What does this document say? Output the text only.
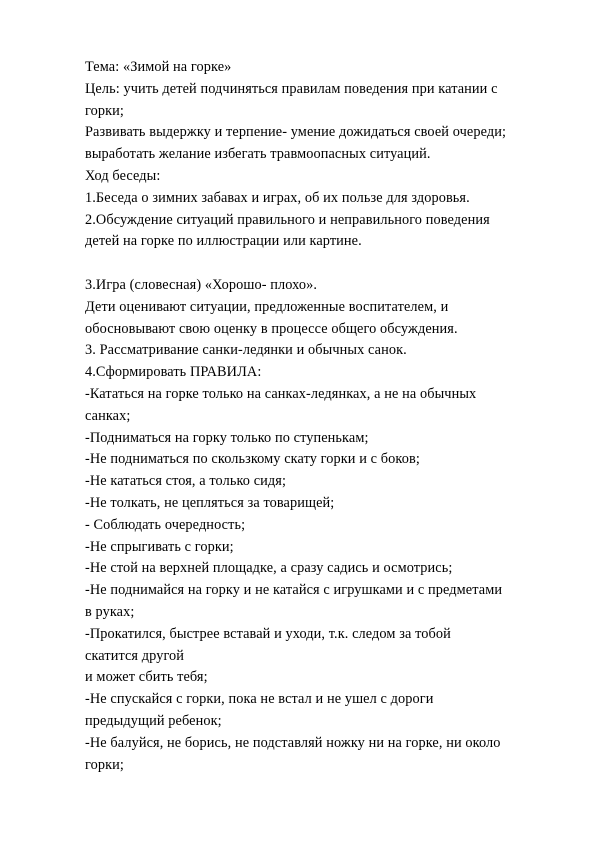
Тема: «Зимой на горке»
Цель: учить детей подчиняться правилам поведения при катании с
горки;
Развивать выдержку и терпение- умение дожидаться своей очереди;
выработать желание избегать травмоопасных ситуаций.
Ход беседы:
1.Беседа о зимних забавах и играх, об их пользе для здоровья.
2.Обсуждение ситуаций правильного и неправильного поведения
детей на горке по иллюстрации или картине.
3.Игра (словесная) «Хорошо- плохо».
Дети оценивают ситуации, предложенные воспитателем, и
обосновывают свою оценку в процессе общего обсуждения.
3. Рассматривание санки-ледянки и обычных санок.
4.Сформировать ПРАВИЛА:
-Кататься на горке только на санках-ледянках, а не на обычных
санках;
-Подниматься на горку только по ступенькам;
-Не подниматься по скользкому скату горки и с боков;
-Не кататься стоя, а только сидя;
-Не толкать, не цепляться за товарищей;
- Соблюдать очередность;
-Не спрыгивать с горки;
-Не стой на верхней площадке, а сразу садись и осмотрись;
-Не поднимайся на горку и не катайся с игрушками и с предметами
в руках;
-Прокатился, быстрее вставай и уходи, т.к. следом за тобой
скатится другой
и может сбить тебя;
-Не спускайся с горки, пока не встал и не ушел с дороги
предыдущий ребенок;
-Не балуйся, не борись, не подставляй ножку ни на горке, ни около
горки;
